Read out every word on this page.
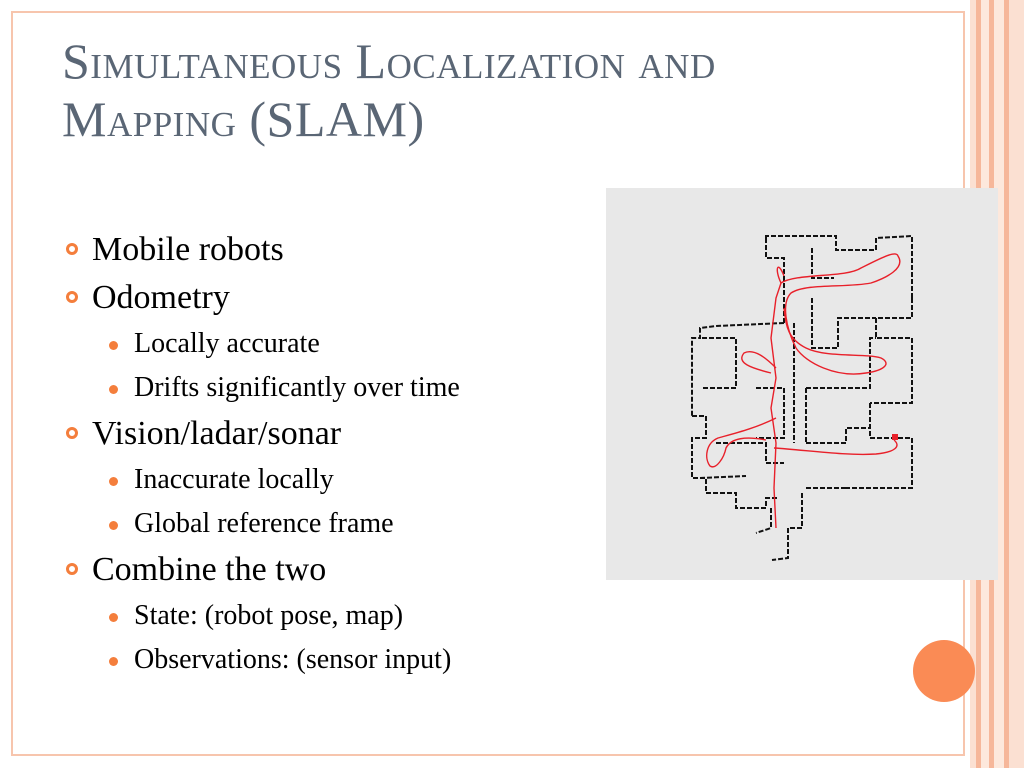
Simultaneous Localization and
Mapping (SLAM)
Mobile robots
Odometry
Locally accurate
Drifts significantly over time
Vision/ladar/sonar
Inaccurate locally
Global reference frame
Combine the two
State: (robot pose, map)
Observations: (sensor input)
